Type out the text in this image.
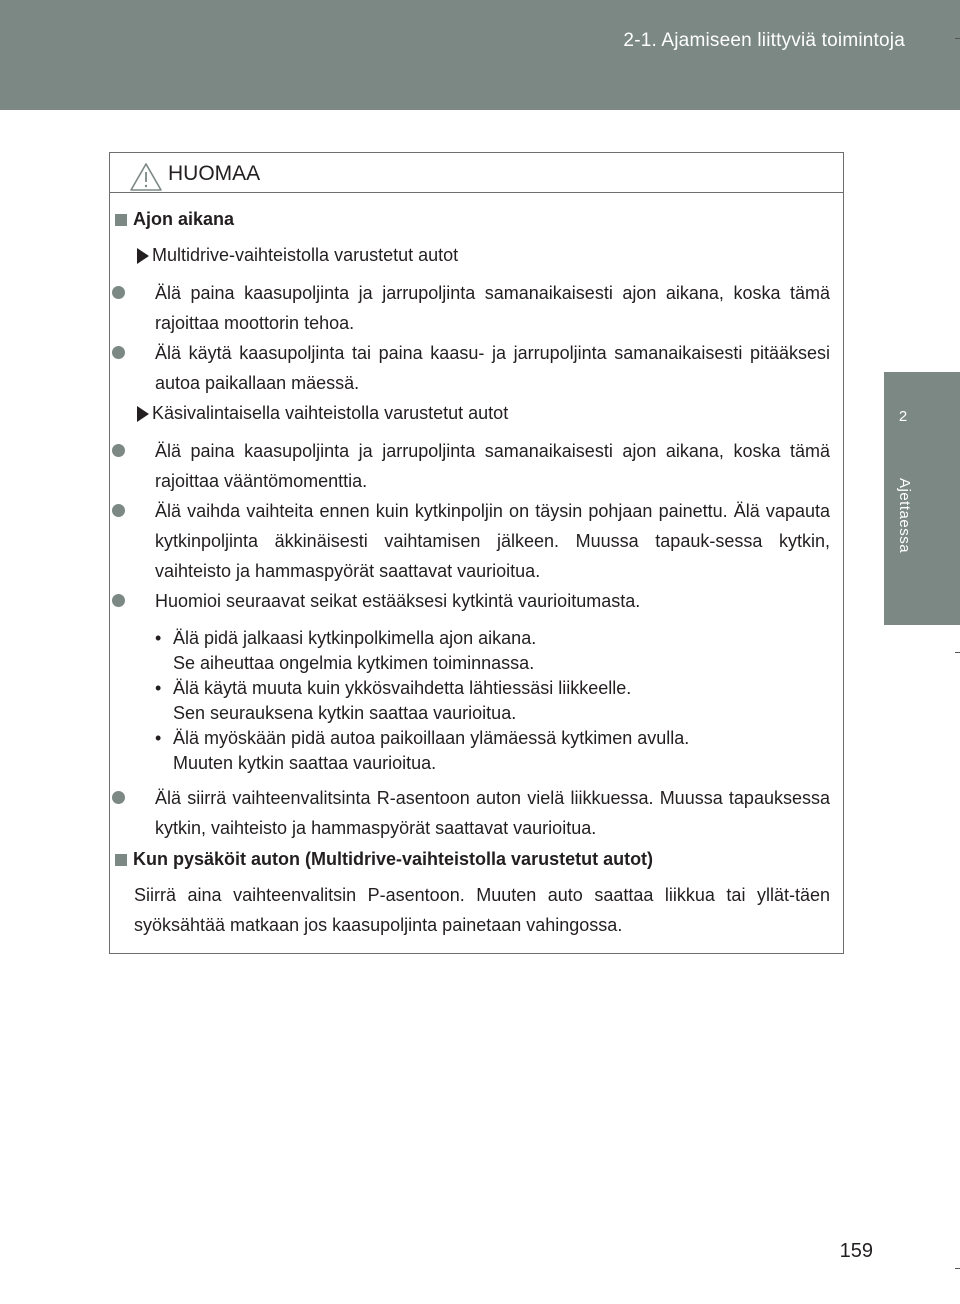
2-1. Ajamiseen liittyviä toimintoja
2
Ajettaessa
HUOMAA
Ajon aikana
Multidrive-vaihteistolla varustetut autot
Älä paina kaasupoljinta ja jarrupoljinta samanaikaisesti ajon aikana, koska tämä rajoittaa moottorin tehoa.
Älä käytä kaasupoljinta tai paina kaasu- ja jarrupoljinta samanaikaisesti pitääksesi autoa paikallaan mäessä.
Käsivalintaisella vaihteistolla varustetut autot
Älä paina kaasupoljinta ja jarrupoljinta samanaikaisesti ajon aikana, koska tämä rajoittaa vääntömomenttia.
Älä vaihda vaihteita ennen kuin kytkinpoljin on täysin pohjaan painettu. Älä vapauta kytkinpoljinta äkkinäisesti vaihtamisen jälkeen. Muussa tapauk-sessa kytkin, vaihteisto ja hammaspyörät saattavat vaurioitua.
Huomioi seuraavat seikat estääksesi kytkintä vaurioitumasta.
• Älä pidä jalkaasi kytkinpolkimella ajon aikana.
Se aiheuttaa ongelmia kytkimen toiminnassa.
• Älä käytä muuta kuin ykkösvaihdetta lähtiessäsi liikkeelle.
Sen seurauksena kytkin saattaa vaurioitua.
• Älä myöskään pidä autoa paikoillaan ylämäessä kytkimen avulla.
Muuten kytkin saattaa vaurioitua.
Älä siirrä vaihteenvalitsinta R-asentoon auton vielä liikkuessa. Muussa tapauksessa kytkin, vaihteisto ja hammaspyörät saattavat vaurioitua.
Kun pysäköit auton (Multidrive-vaihteistolla varustetut autot)
Siirrä aina vaihteenvalitsin P-asentoon. Muuten auto saattaa liikkua tai yllät-täen syöksähtää matkaan jos kaasupoljinta painetaan vahingossa.
159
